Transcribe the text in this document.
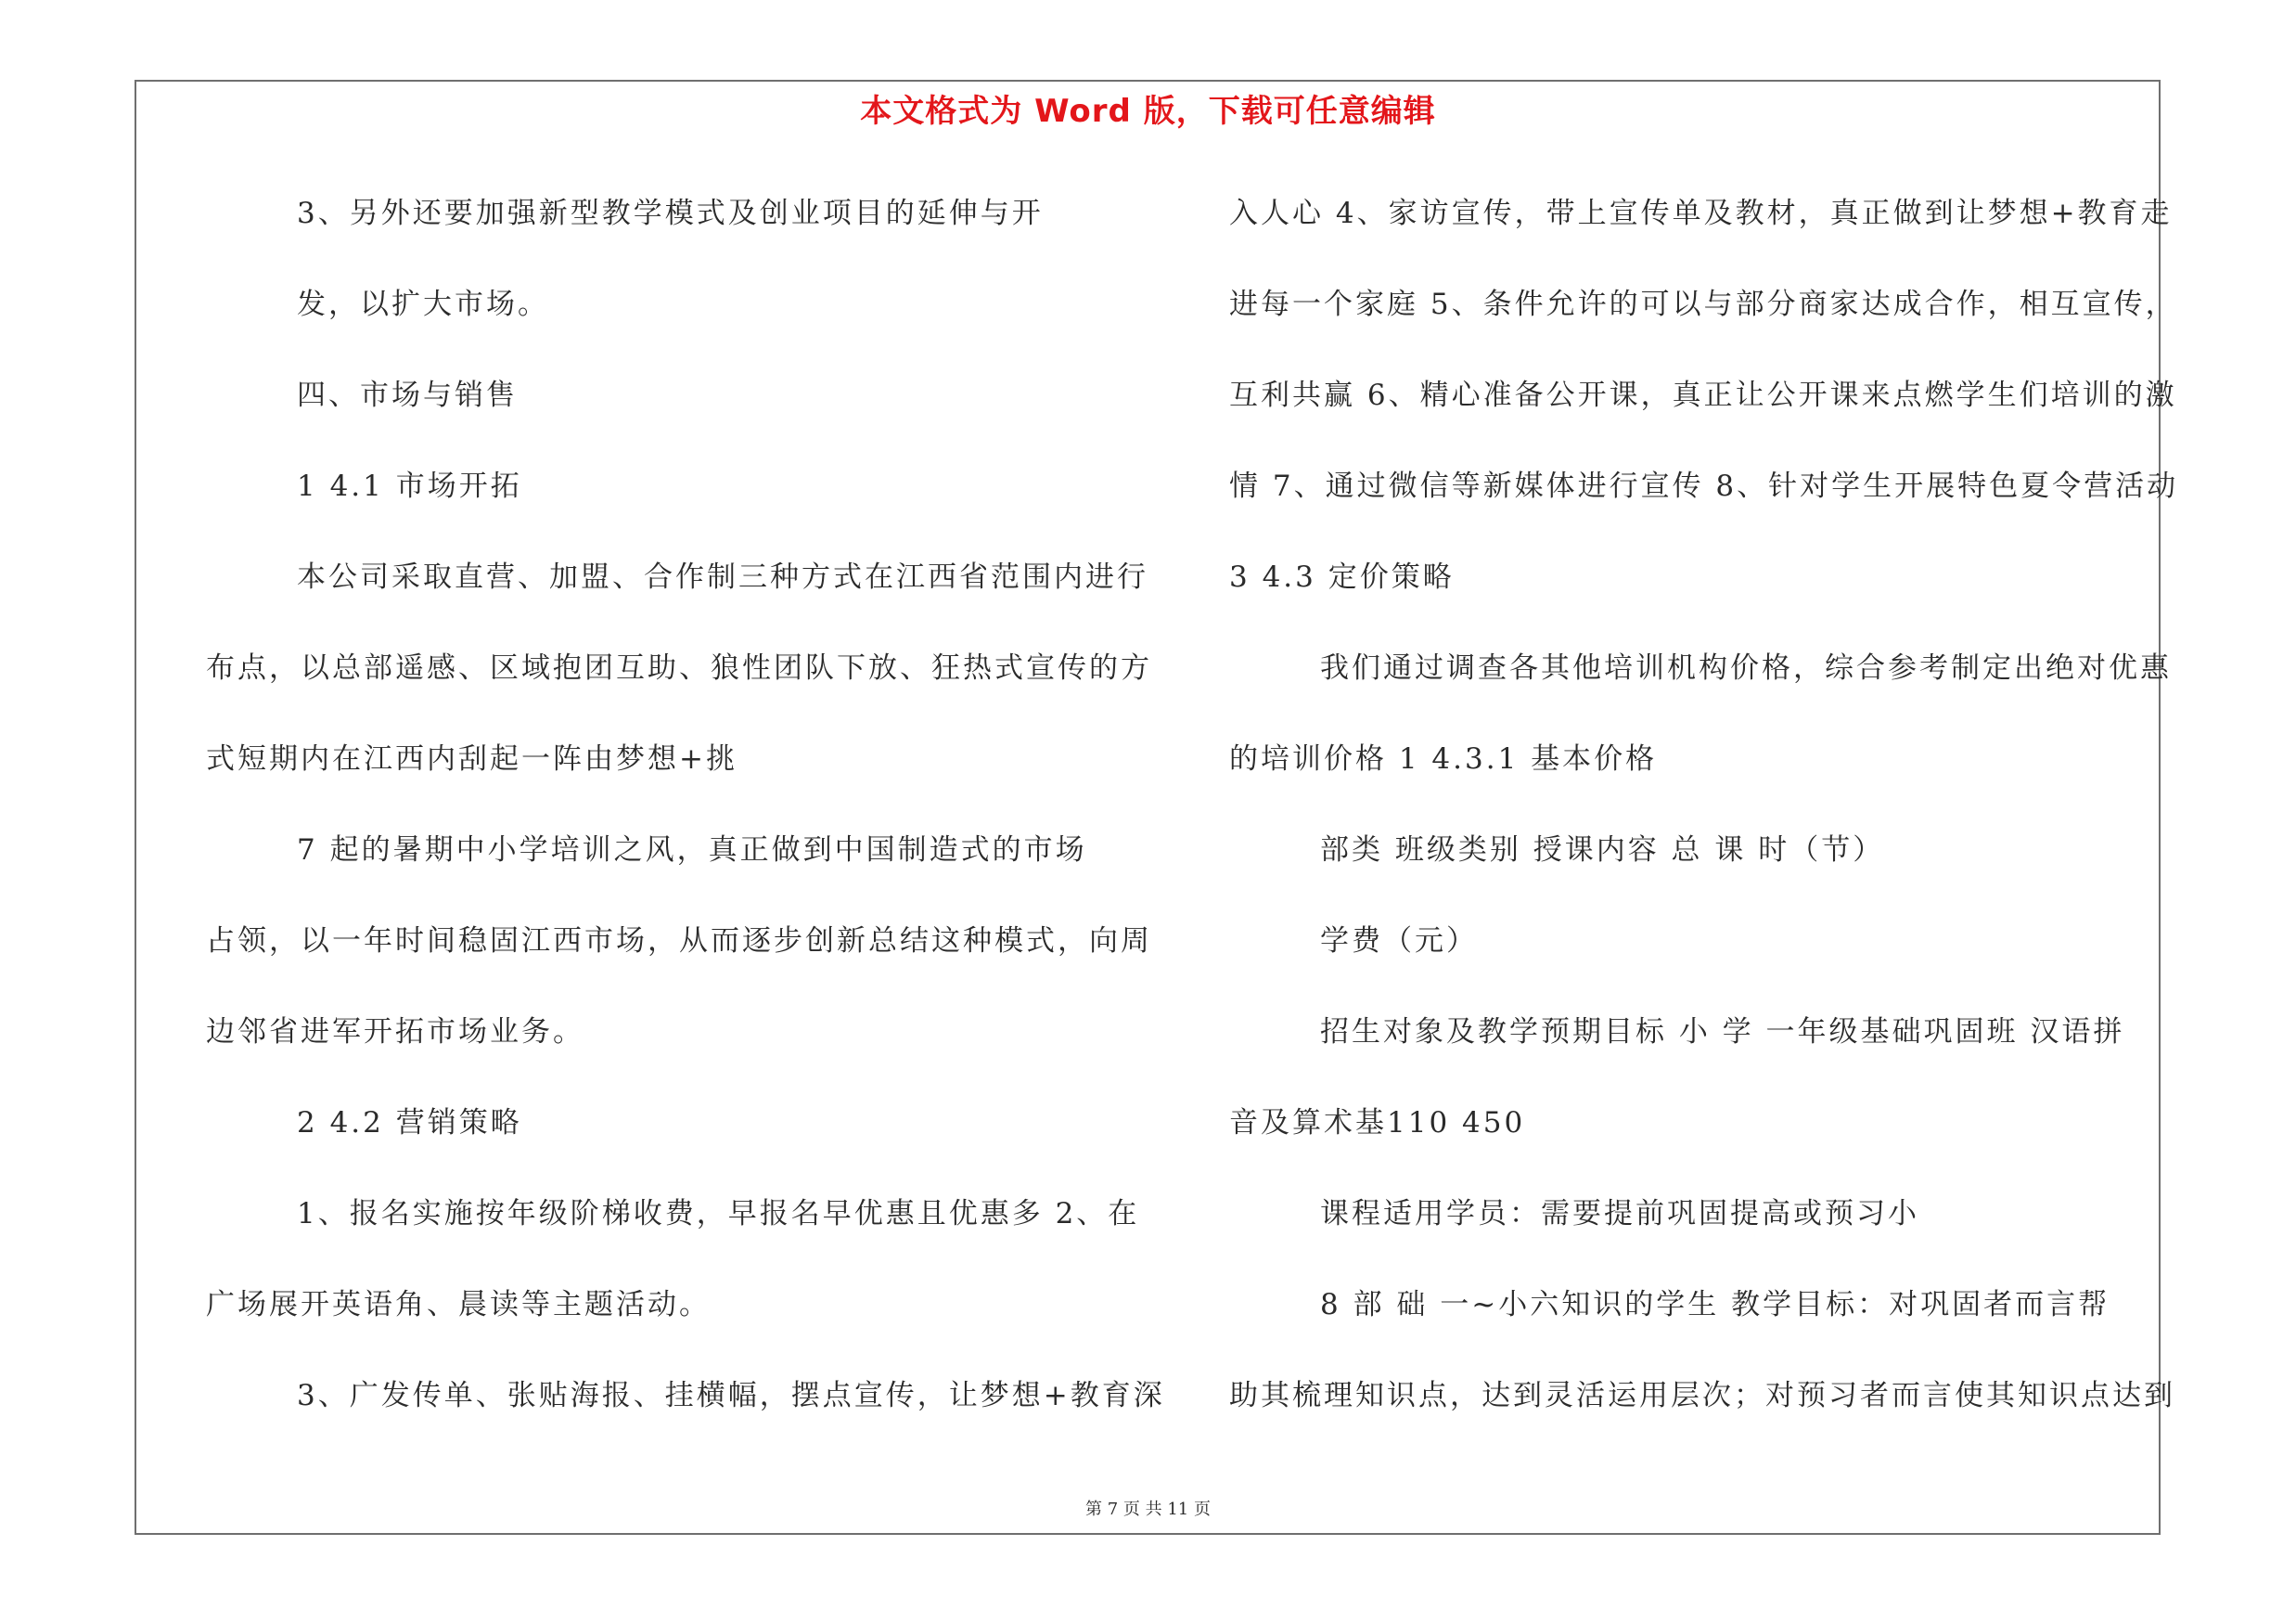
本文格式为 Word 版，下载可任意编辑
3、另外还要加强新型教学模式及创业项目的延伸与开
发，以扩大市场。
四、市场与销售
1 4.1 市场开拓
本公司采取直营、加盟、合作制三种方式在江西省范围内进行
布点，以总部遥感、区域抱团互助、狼性团队下放、狂热式宣传的方
式短期内在江西内刮起一阵由梦想+挑
7 起的暑期中小学培训之风，真正做到中国制造式的市场
占领，以一年时间稳固江西市场，从而逐步创新总结这种模式，向周
边邻省进军开拓市场业务。
2 4.2 营销策略
1、报名实施按年级阶梯收费，早报名早优惠且优惠多 2、在
广场展开英语角、晨读等主题活动。
3、广发传单、张贴海报、挂横幅，摆点宣传，让梦想+教育深
入人心 4、家访宣传，带上宣传单及教材，真正做到让梦想+教育走
进每一个家庭 5、条件允许的可以与部分商家达成合作，相互宣传，
互利共赢 6、精心准备公开课，真正让公开课来点燃学生们培训的激
情 7、通过微信等新媒体进行宣传 8、针对学生开展特色夏令营活动
3 4.3 定价策略
我们通过调查各其他培训机构价格，综合参考制定出绝对优惠
的培训价格 1 4.3.1 基本价格
部类 班级类别 授课内容 总 课 时（节）
学费（元）
招生对象及教学预期目标 小 学 一年级基础巩固班 汉语拼
音及算术基110 450
课程适用学员：需要提前巩固提高或预习小
8 部 础 一~小六知识的学生 教学目标：对巩固者而言帮
助其梳理知识点，达到灵活运用层次；对预习者而言使其知识点达到
第 7 页 共 11 页
